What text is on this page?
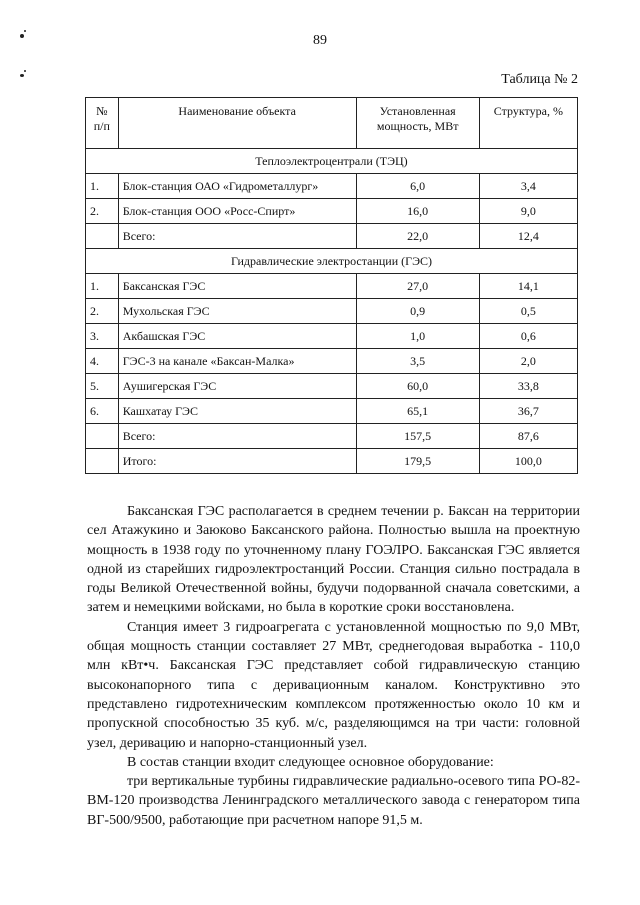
89
Таблица № 2
№ п/п	Наименование объекта	Установленная мощность, МВт	Структура, %
Теплоэлектроцентрали (ТЭЦ)			
1.	Блок-станция ОАО «Гидрометаллург»	6,0	3,4
2.	Блок-станция ООО «Росс-Спирт»	16,0	9,0
	Всего:	22,0	12,4
Гидравлические электростанции (ГЭС)			
1.	Баксанская ГЭС	27,0	14,1
2.	Мухольская ГЭС	0,9	0,5
3.	Акбашская ГЭС	1,0	0,6
4.	ГЭС-3 на канале «Баксан-Малка»	3,5	2,0
5.	Аушигерская ГЭС	60,0	33,8
6.	Кашхатау ГЭС	65,1	36,7
	Всего:	157,5	87,6
	Итого:	179,5	100,0

Баксанская ГЭС располагается в среднем течении р. Баксан на территории сел Атажукино и Заюково Баксанского района. Полностью вышла на проектную мощность в 1938 году по уточненному плану ГОЭЛРО. Баксанская ГЭС является одной из старейших гидроэлектростанций России. Станция сильно пострадала в годы Великой Отечественной войны, будучи подорванной сначала советскими, а затем и немецкими войсками, но была в короткие сроки восстановлена.

Станция имеет 3 гидроагрегата с установленной мощностью по 9,0 МВт, общая мощность станции составляет 27 МВт, среднегодовая выработка - 110,0 млн кВт•ч. Баксанская ГЭС представляет собой гидравлическую станцию высоконапорного типа с деривационным каналом. Конструктивно это представлено гидротехническим комплексом протяженностью около 10 км и пропускной способностью 35 куб. м/с, разделяющимся на три части: головной узел, деривацию и напорно-станционный узел.

В состав станции входит следующее основное оборудование:

три вертикальные турбины гидравлические радиально-осевого типа РО-82-ВМ-120 производства Ленинградского металлического завода с генератором типа ВГ-500/9500, работающие при расчетном напоре 91,5 м.
